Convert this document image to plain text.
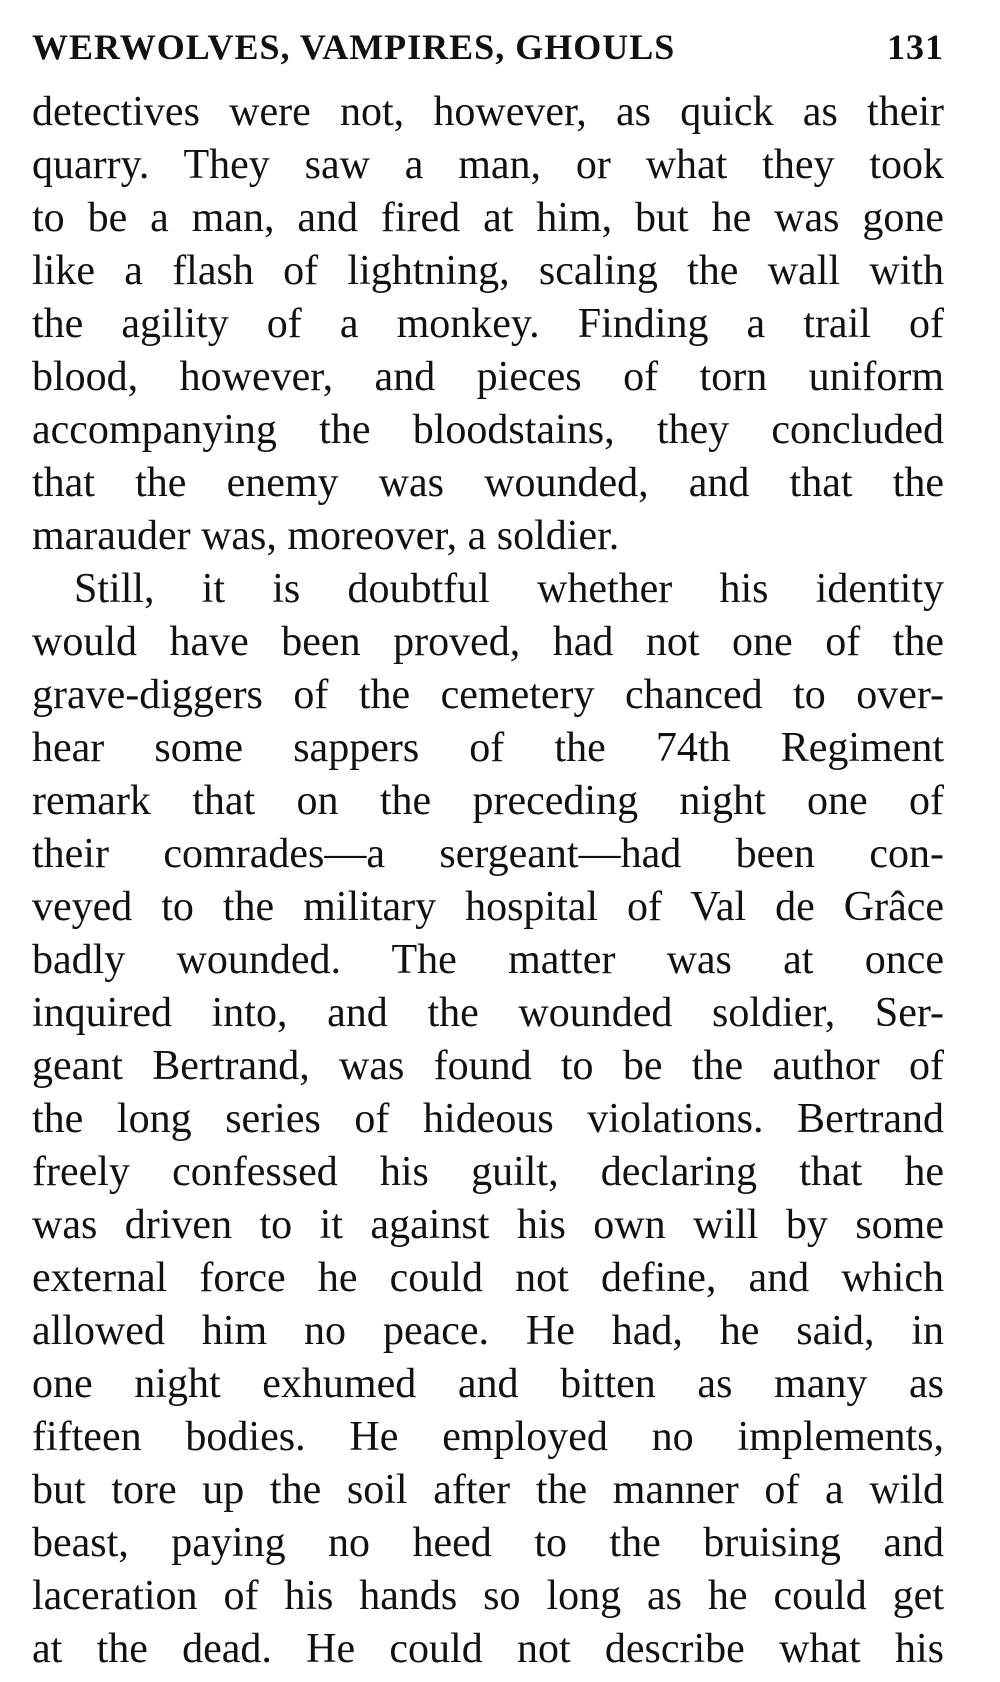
WERWOLVES, VAMPIRES, GHOULS	131
detectives were not, however, as quick as their
quarry. They saw a man, or what they took
to be a man, and fired at him, but he was gone
like a flash of lightning, scaling the wall with
the agility of a monkey. Finding a trail of
blood, however, and pieces of torn uniform
accompanying the bloodstains, they concluded
that the enemy was wounded, and that the
marauder was, moreover, a soldier.
Still, it is doubtful whether his identity
would have been proved, had not one of the
grave-diggers of the cemetery chanced to over-
hear some sappers of the 74th Regiment
remark that on the preceding night one of
their comrades—a sergeant—had been con-
veyed to the military hospital of Val de Grâce
badly wounded. The matter was at once
inquired into, and the wounded soldier, Ser-
geant Bertrand, was found to be the author of
the long series of hideous violations. Bertrand
freely confessed his guilt, declaring that he
was driven to it against his own will by some
external force he could not define, and which
allowed him no peace. He had, he said, in
one night exhumed and bitten as many as
fifteen bodies. He employed no implements,
but tore up the soil after the manner of a wild
beast, paying no heed to the bruising and
laceration of his hands so long as he could get
at the dead. He could not describe what his
